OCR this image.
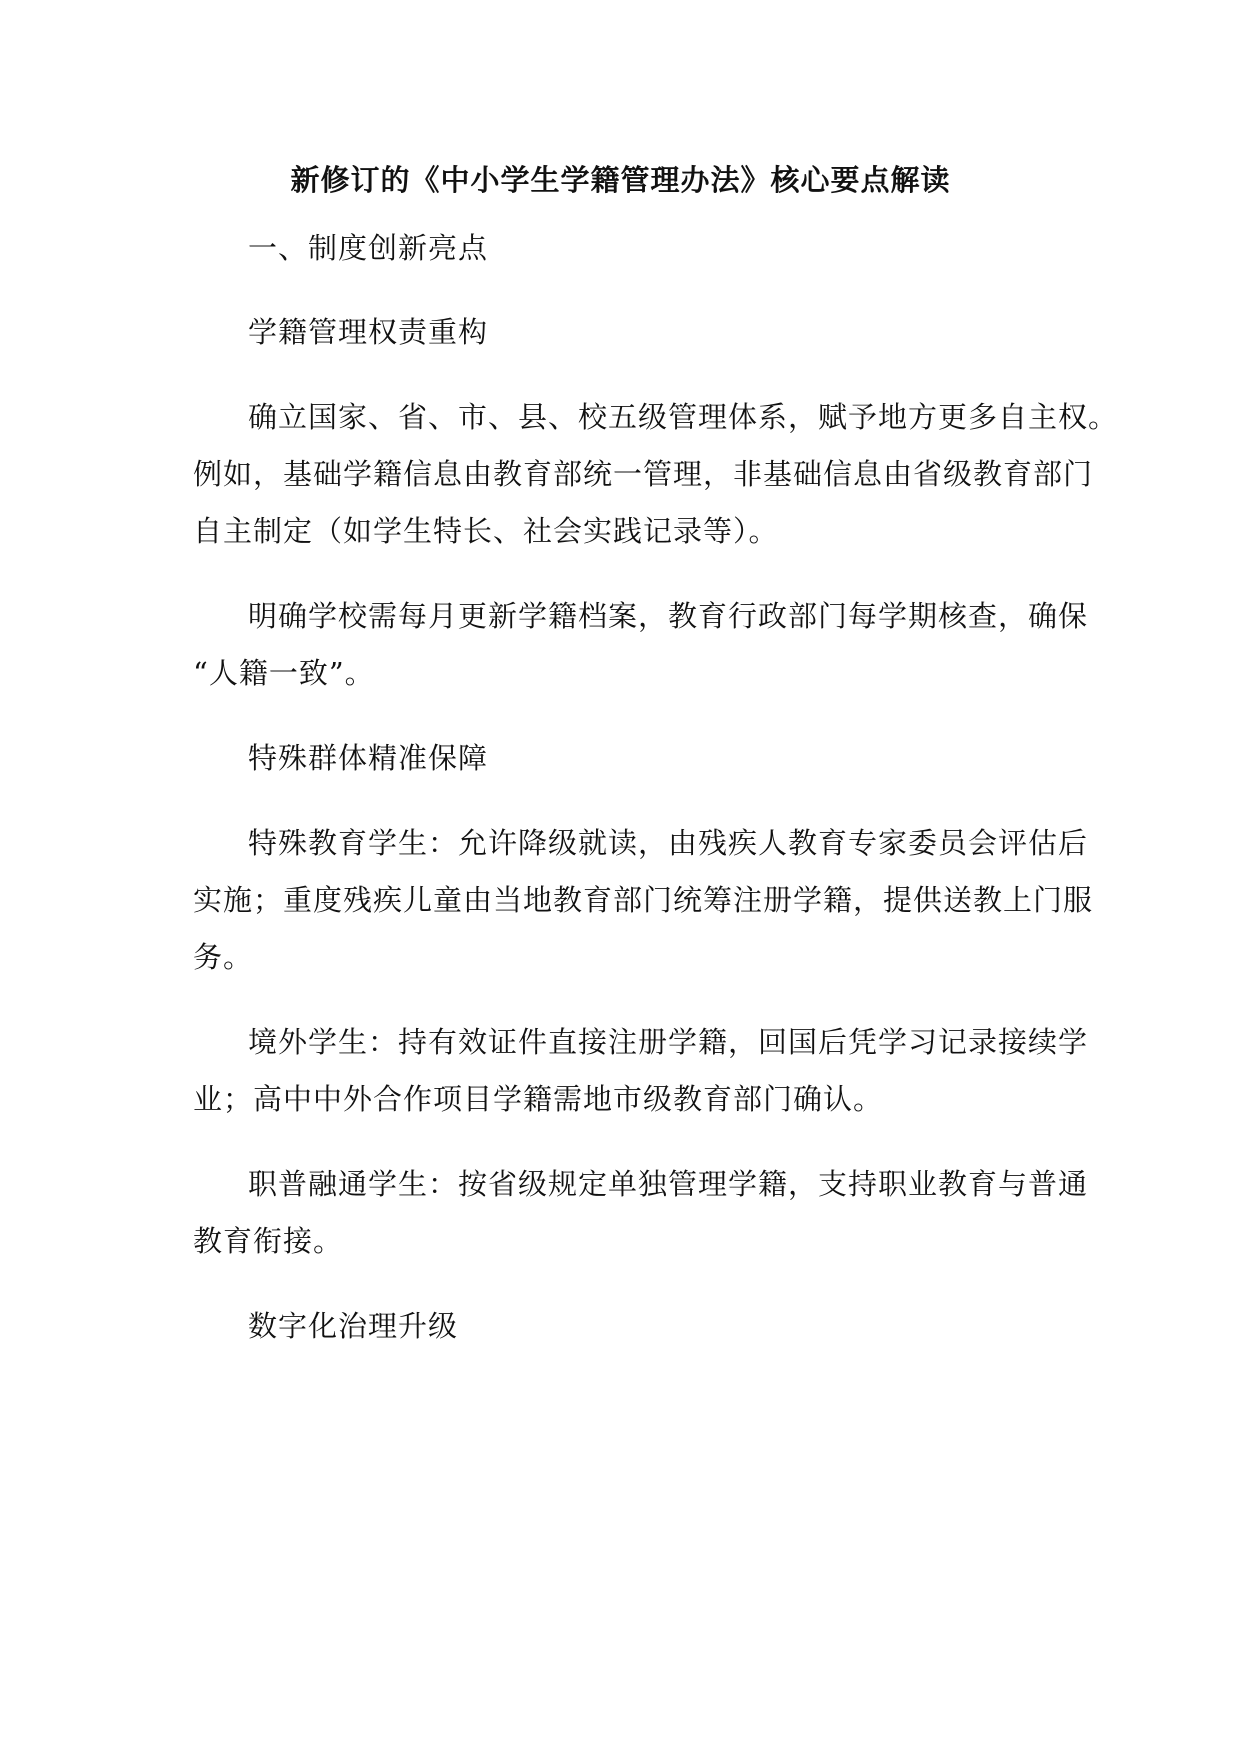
新修订的《中小学生学籍管理办法》核心要点解读
一、制度创新亮点
学籍管理权责重构
确立国家、省、市、县、校五级管理体系，赋予地方更多自主权。
例如，基础学籍信息由教育部统一管理，非基础信息由省级教育部门
自主制定（如学生特长、社会实践记录等）。
明确学校需每月更新学籍档案，教育行政部门每学期核查，确保
“人籍一致”。
特殊群体精准保障
特殊教育学生：允许降级就读，由残疾人教育专家委员会评估后
实施；重度残疾儿童由当地教育部门统筹注册学籍，提供送教上门服
务。
境外学生：持有效证件直接注册学籍，回国后凭学习记录接续学
业；高中中外合作项目学籍需地市级教育部门确认。
职普融通学生：按省级规定单独管理学籍，支持职业教育与普通
教育衔接。
数字化治理升级
